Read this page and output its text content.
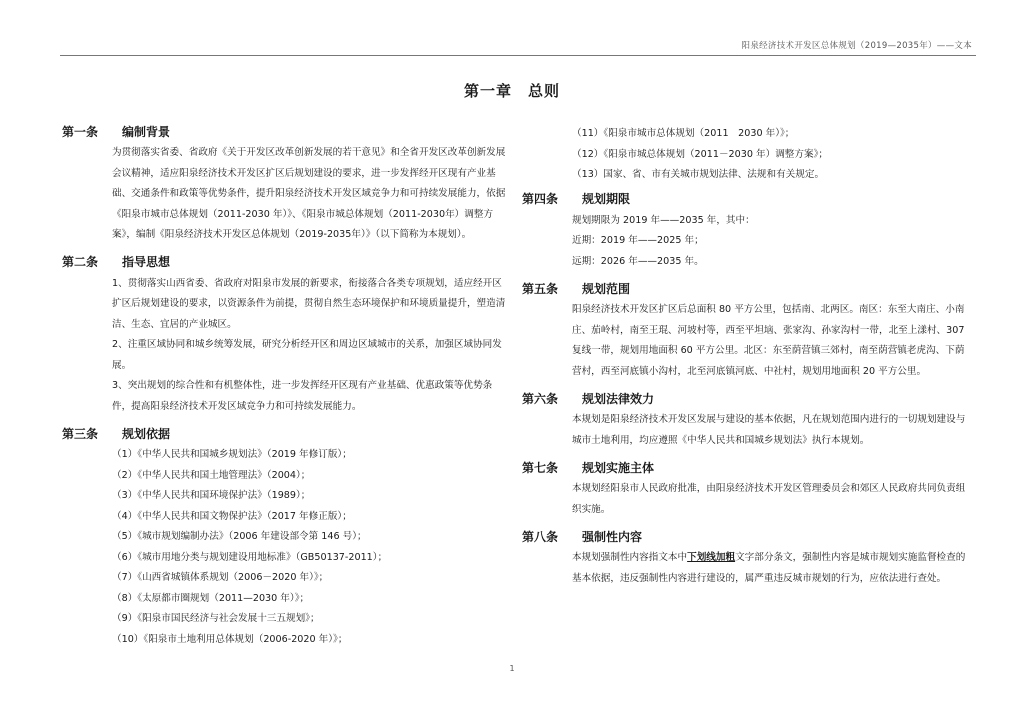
阳泉经济技术开发区总体规划（2019—2035年）——文本
第一章　总则
第一条	编制背景

为贯彻落实省委、省政府《关于开发区改革创新发展的若干意见》和全省开发区改革创新发展会议精神，适应阳泉经济技术开发区扩区后规划建设的要求，进一步发挥经开区现有产业基础、交通条件和政策等优势条件，提升阳泉经济技术开发区域竞争力和可持续发展能力，依据《阳泉市城市总体规划（2011-2030 年）》、《阳泉市城总体规划（2011-2030年）调整方案》，编制《阳泉经济技术开发区总体规划（2019-2035年）》（以下简称为本规划）。

第二条	指导思想

1、贯彻落实山西省委、省政府对阳泉市发展的新要求，衔接落合各类专项规划，适应经开区扩区后规划建设的要求，以资源条件为前提，贯彻自然生态环境保护和环境质量提升，塑造清洁、生态、宜居的产业城区。

2、注重区域协同和城乡统筹发展，研究分析经开区和周边区域城市的关系，加强区域协同发展。

3、突出规划的综合性和有机整体性，进一步发挥经开区现有产业基础、优惠政策等优势条件，提高阳泉经济技术开发区域竞争力和可持续发展能力。

第三条	规划依据

（1）《中华人民共和国城乡规划法》（2019 年修订版）；

（2）《中华人民共和国土地管理法》（2004）；

（3）《中华人民共和国环境保护法》（1989）；

（4）《中华人民共和国文物保护法》（2017 年修正版）；

（5）《城市规划编制办法》（2006 年建设部令第 146 号）；

（6）《城市用地分类与规划建设用地标准》（GB50137-2011）；

（7）《山西省城镇体系规划（2006－2020 年）》；

（8）《太原都市圈规划（2011—2030 年）》；

（9）《阳泉市国民经济与社会发展十三五规划》；

（10）《阳泉市土地利用总体规划（2006-2020 年）》；

（11）《阳泉市城市总体规划（2011　2030 年）》；

（12）《阳泉市城总体规划（2011－2030 年）调整方案》；

（13）国家、省、市有关城市规划法律、法规和有关规定。

第四条	规划期限

规划期限为 2019 年——2035 年，其中：

近期：2019 年——2025 年；

远期：2026 年——2035 年。

第五条	规划范围

阳泉经济技术开发区扩区后总面积 80 平方公里，包括南、北两区。南区：东至大南庄、小南庄、茄岭村，南至王琨、河坡村等，西至平坦垴、张家沟、孙家沟村一带，北至上漾村、307 复线一带，规划用地面积 60 平方公里。北区：东至荫营镇三郊村，南至荫营镇老虎沟、下荫营村，西至河底镇小沟村，北至河底镇河底、中社村，规划用地面积 20 平方公里。

第六条	规划法律效力

本规划是阳泉经济技术开发区发展与建设的基本依据，凡在规划范围内进行的一切规划建设与城市土地利用，均应遵照《中华人民共和国城乡规划法》执行本规划。

第七条	规划实施主体

本规划经阳泉市人民政府批准，由阳泉经济技术开发区管理委员会和郊区人民政府共同负责组织实施。

第八条	强制性内容

本规划强制性内容指文本中下划线加粗文字部分条文，强制性内容是城市规划实施监督检查的基本依据，违反强制性内容进行建设的，属严重违反城市规划的行为，应依法进行查处。

1
